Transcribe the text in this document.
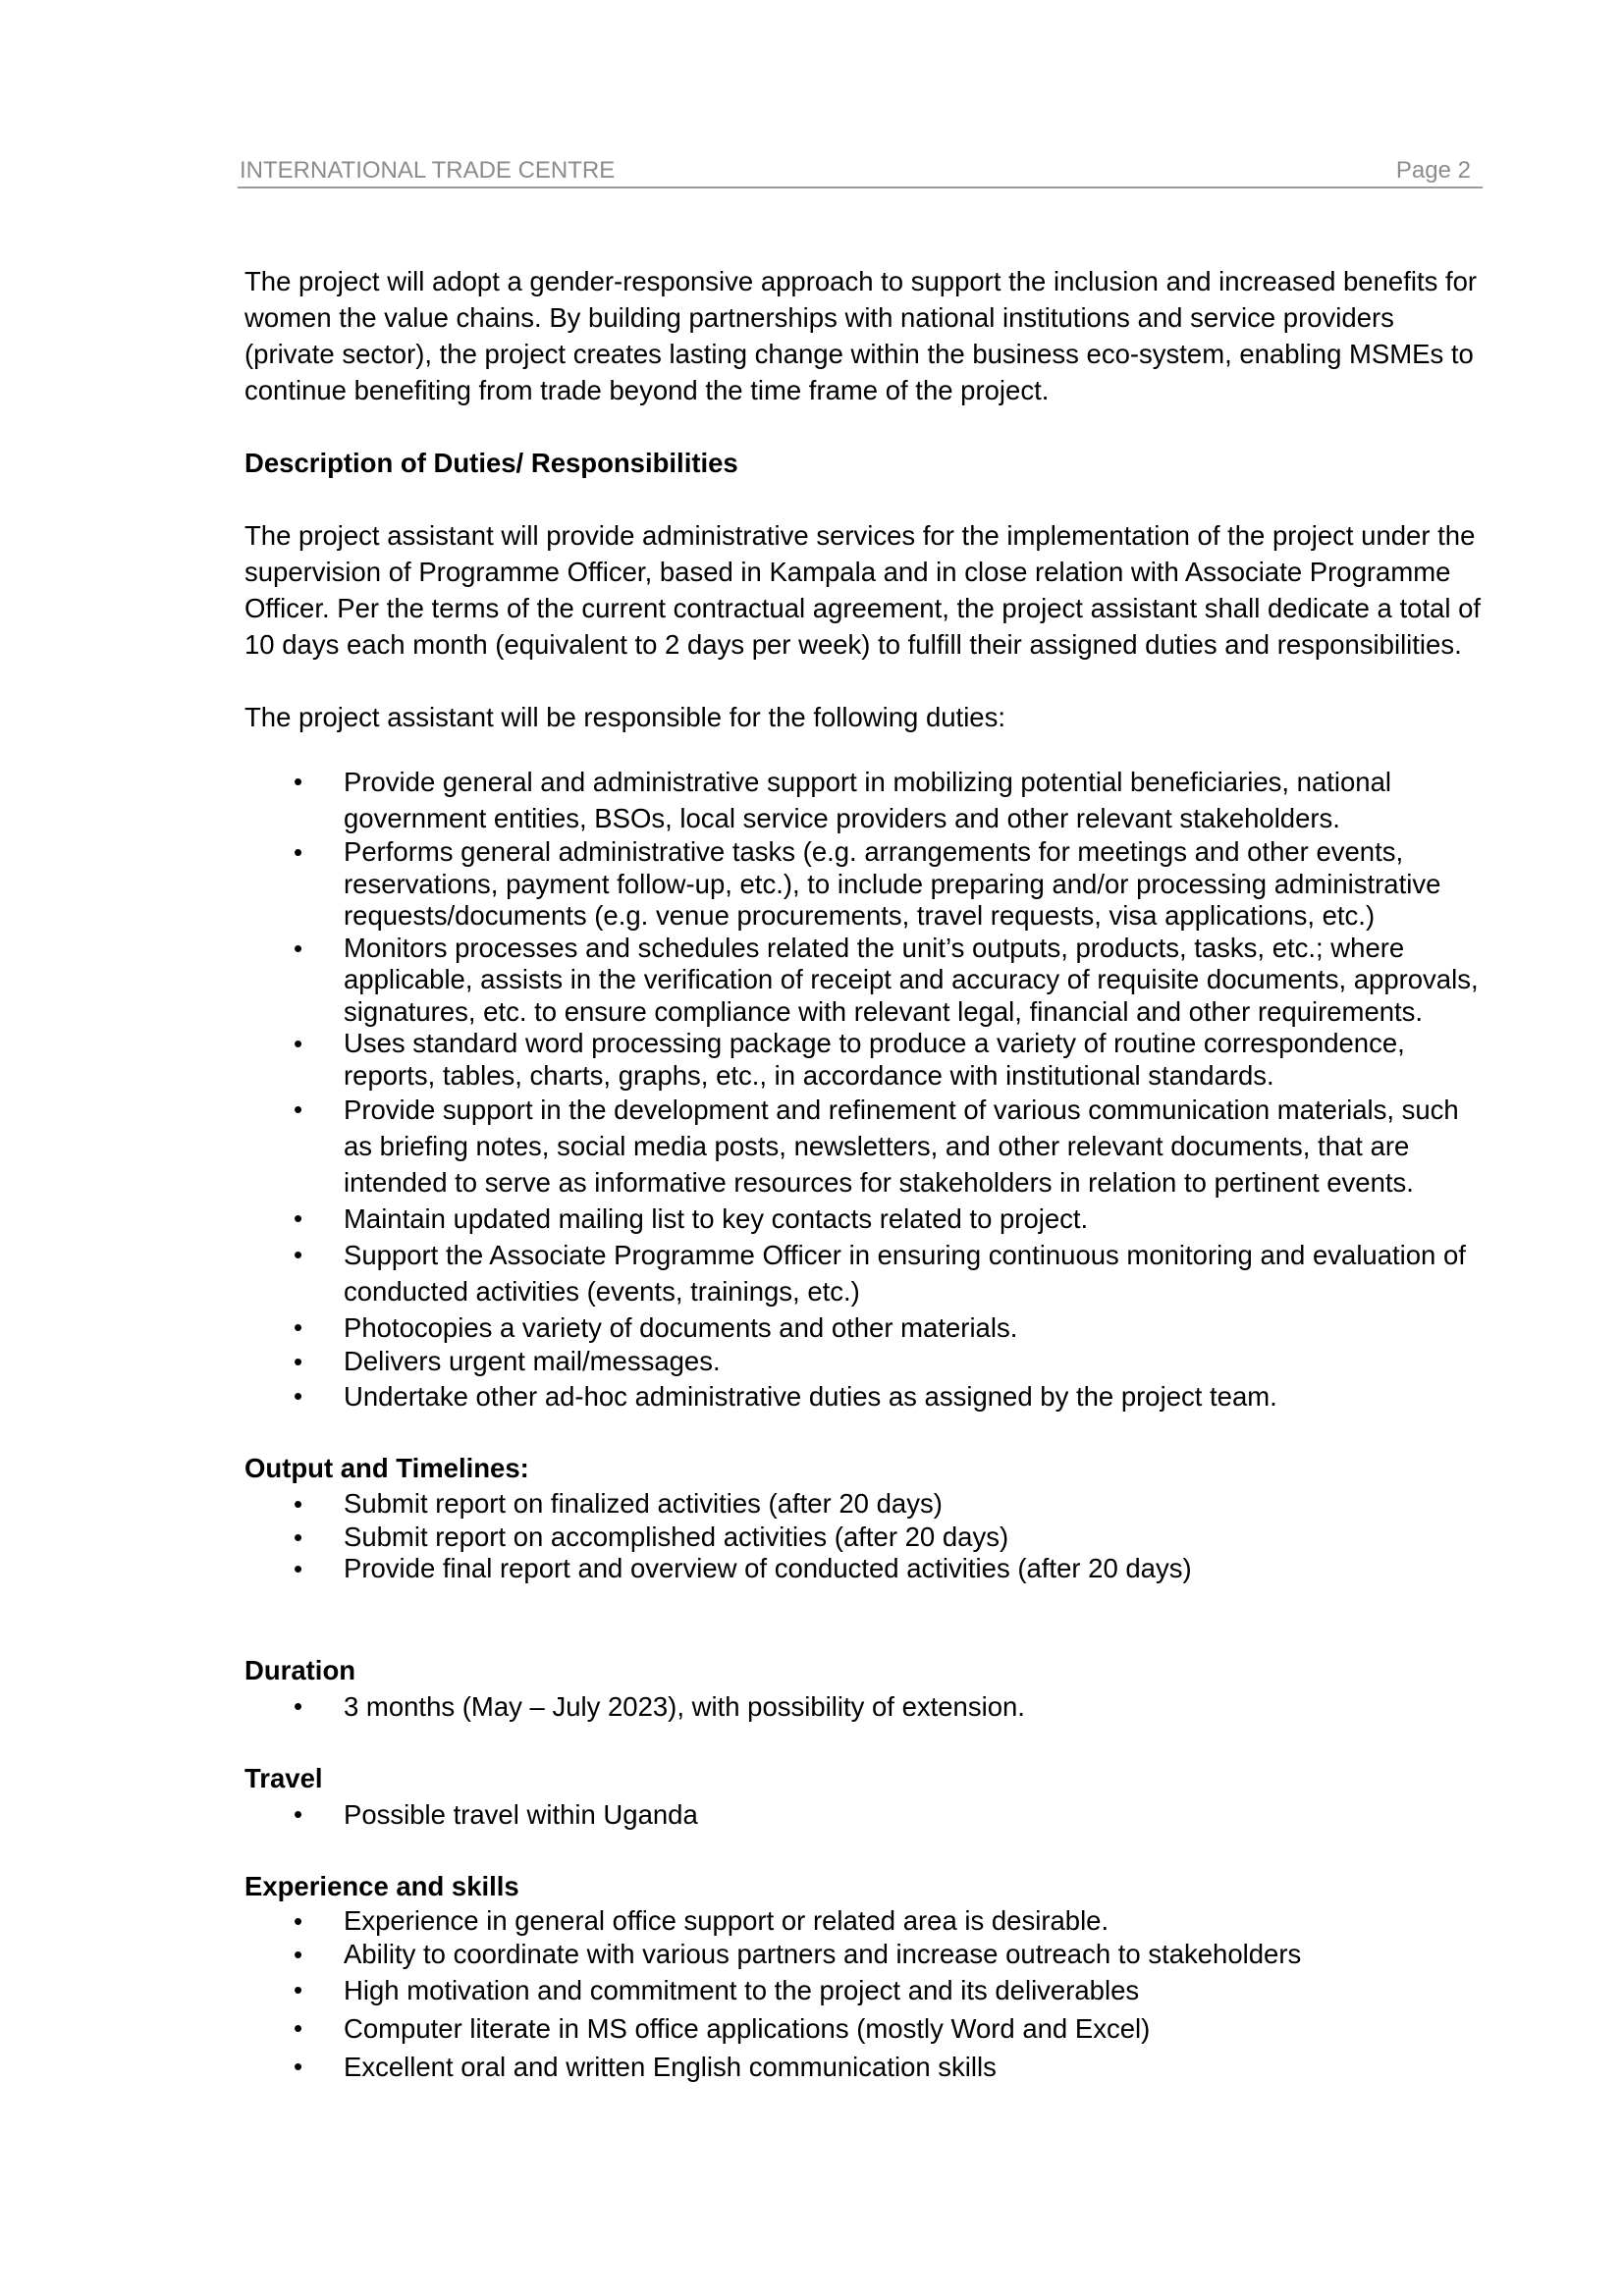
INTERNATIONAL TRADE CENTRE	Page 2

The project will adopt a gender-responsive approach to support the inclusion and increased benefits for women the value chains. By building partnerships with national institutions and service providers (private sector), the project creates lasting change within the business eco-system, enabling MSMEs to continue benefiting from trade beyond the time frame of the project.

Description of Duties/ Responsibilities

The project assistant will provide administrative services for the implementation of the project under the supervision of Programme Officer, based in Kampala and in close relation with Associate Programme Officer. Per the terms of the current contractual agreement, the project assistant shall dedicate a total of 10 days each month (equivalent to 2 days per week) to fulfill their assigned duties and responsibilities.

The project assistant will be responsible for the following duties:

• Provide general and administrative support in mobilizing potential beneficiaries, national government entities, BSOs, local service providers and other relevant stakeholders.
• Performs general administrative tasks (e.g. arrangements for meetings and other events, reservations, payment follow-up, etc.), to include preparing and/or processing administrative requests/documents (e.g. venue procurements, travel requests, visa applications, etc.)
• Monitors processes and schedules related the unit’s outputs, products, tasks, etc.; where applicable, assists in the verification of receipt and accuracy of requisite documents, approvals, signatures, etc. to ensure compliance with relevant legal, financial and other requirements.
• Uses standard word processing package to produce a variety of routine correspondence, reports, tables, charts, graphs, etc., in accordance with institutional standards.
• Provide support in the development and refinement of various communication materials, such as briefing notes, social media posts, newsletters, and other relevant documents, that are intended to serve as informative resources for stakeholders in relation to pertinent events.
• Maintain updated mailing list to key contacts related to project.
• Support the Associate Programme Officer in ensuring continuous monitoring and evaluation of conducted activities (events, trainings, etc.)
• Photocopies a variety of documents and other materials.
• Delivers urgent mail/messages.
• Undertake other ad-hoc administrative duties as assigned by the project team.

Output and Timelines:

• Submit report on finalized activities (after 20 days)
• Submit report on accomplished activities (after 20 days)
• Provide final report and overview of conducted activities (after 20 days)

Duration

• 3 months (May – July 2023), with possibility of extension.

Travel

• Possible travel within Uganda

Experience and skills

• Experience in general office support or related area is desirable.
• Ability to coordinate with various partners and increase outreach to stakeholders
• High motivation and commitment to the project and its deliverables
• Computer literate in MS office applications (mostly Word and Excel)
• Excellent oral and written English communication skills
